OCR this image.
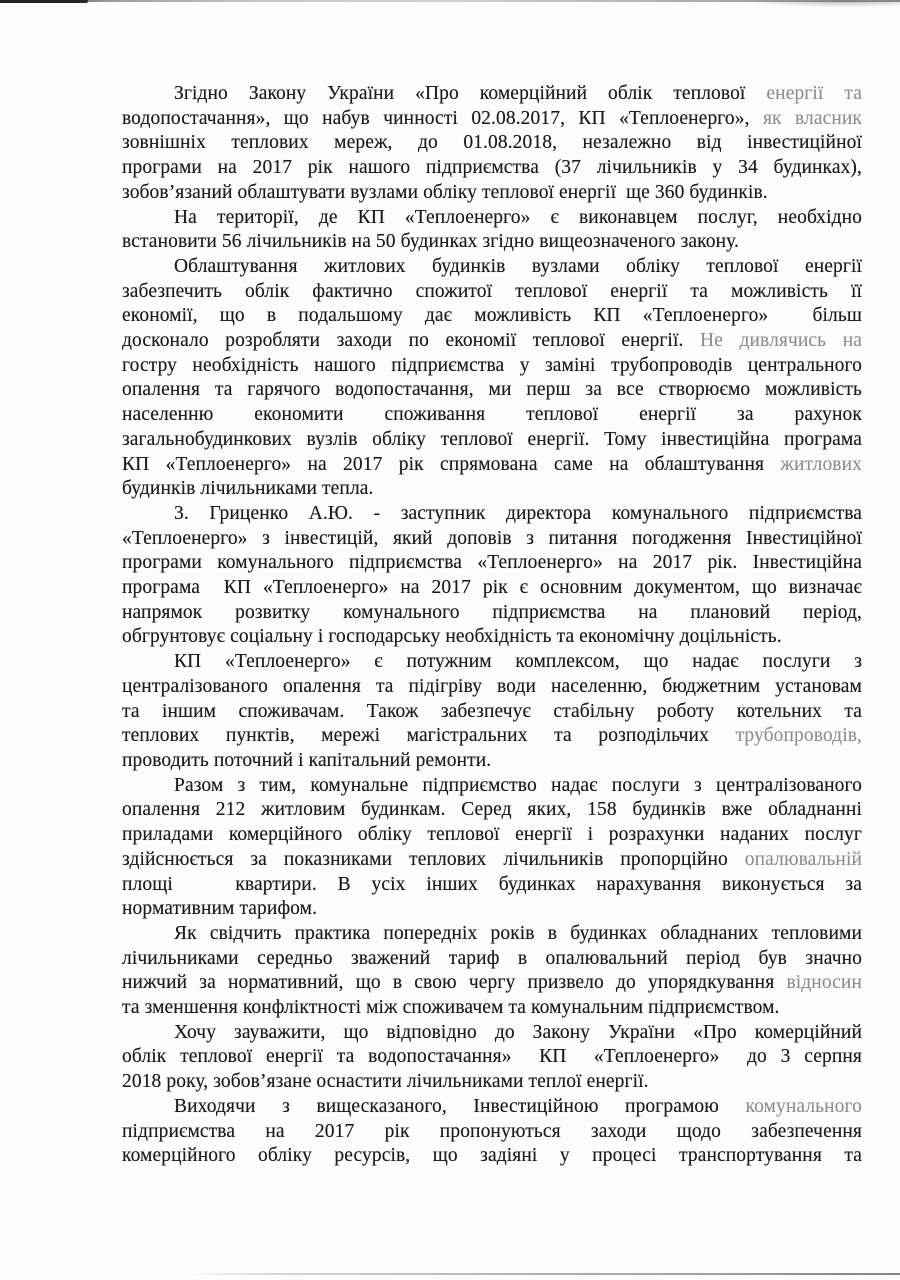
Згідно Закону України «Про комерційний облік теплової енергії та
водопостачання», що набув чинності 02.08.2017, КП «Теплоенерго», як власник
зовнішніх теплових мереж, до 01.08.2018, незалежно від інвестиційної
програми на 2017 рік нашого підприємства (37 лічильників у 34 будинках),
зобов’язаний облаштувати вузлами обліку теплової енергії  ще 360 будинків.
На території, де КП «Теплоенерго» є виконавцем послуг, необхідно
встановити 56 лічильників на 50 будинках згідно вищеозначеного закону.
Облаштування житлових будинків вузлами обліку теплової енергії
забезпечить облік фактично спожитої теплової енергії та можливість її
економії, що в подальшому дає можливість КП «Теплоенерго»  більш
досконало розробляти заходи по економії теплової енергії. Не дивлячись на
гостру необхідність нашого підприємства у заміні трубопроводів центрального
опалення та гарячого водопостачання, ми перш за все створюємо можливість
населенню економити споживання теплової енергії за рахунок
загальнобудинкових вузлів обліку теплової енергії. Тому інвестиційна програма
КП «Теплоенерго» на 2017 рік спрямована саме на облаштування житлових
будинків лічильниками тепла.
3. Гриценко А.Ю. - заступник директора комунального підприємства
«Теплоенерго» з інвестицій, який доповів з питання погодження Інвестиційної
програми комунального підприємства «Теплоенерго» на 2017 рік. Інвестиційна
програма  КП «Теплоенерго» на 2017 рік є основним документом, що визначає
напрямок розвитку комунального підприємства на плановий період,
обгрунтовує соціальну і господарську необхідність та економічну доцільність.
КП «Теплоенерго» є потужним комплексом, що надає послуги з
централізованого опалення та підігріву води населенню, бюджетним установам
та іншим споживачам. Також забезпечує стабільну роботу котельних та
теплових пунктів, мережі магістральних та розподільчих трубопроводів,
проводить поточний і капітальний ремонти.
Разом з тим, комунальне підприємство надає послуги з централізованого
опалення 212 житловим будинкам. Серед яких, 158 будинків вже обладнанні
приладами комерційного обліку теплової енергії і розрахунки наданих послуг
здійснюється за показниками теплових лічильників пропорційно опалювальній
площі   квартири. В усіх інших будинках нарахування виконується за
нормативним тарифом.
Як свідчить практика попередніх років в будинках обладнаних тепловими
лічильниками середньо зважений тариф в опалювальний період був значно
нижчий за нормативний, що в свою чергу призвело до упорядкування відносин
та зменшення конфліктності між споживачем та комунальним підприємством.
Хочу зауважити, що відповідно до Закону України «Про комерційний
облік теплової енергії та водопостачання»  КП  «Теплоенерго»  до 3 серпня
2018 року, зобов’язане оснастити лічильниками теплої енергії.
Виходячи з вищесказаного, Інвестиційною програмою комунального
підприємства на 2017 рік пропонуються заходи щодо забезпечення
комерційного обліку ресурсів, що задіяні у процесі транспортування та
